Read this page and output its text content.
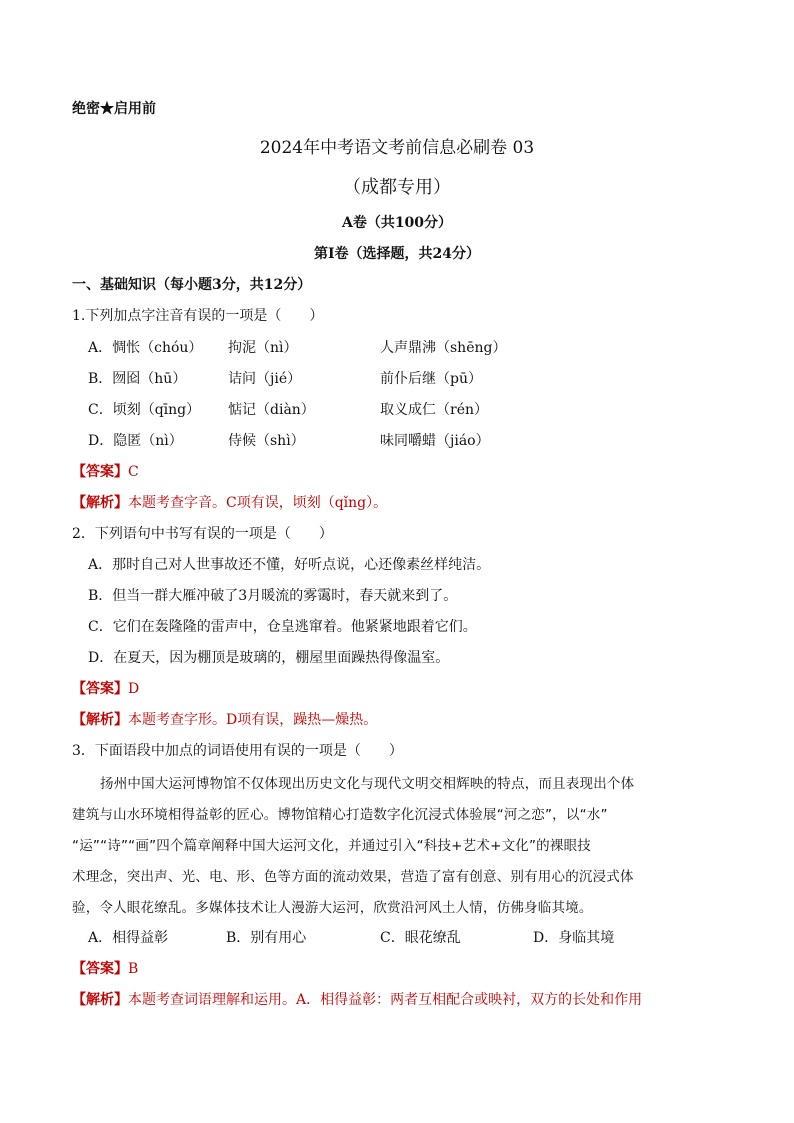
绝密★启用前
2024年中考语文考前信息必刷卷 03
（成都专用）
A卷（共100分）
第Ⅰ卷（选择题，共24分）
一、基础知识（每小题3分，共12分）
1.下列加点字注音有误的一项是（　　）
A．惆怅（chóu） 拘泥（nì）	人声鼎沸（shēng）
B．囫囵（hū）	诘问（jié）	前仆后继（pū）
C．顷刻（qīng） 惦记（diàn）	取义成仁（rén）
D．隐匿（nì）	侍候（shì）	味同嚼蜡（jiáo）
【答案】C
【解析】本题考查字音。C项有误，顷刻（qǐng）。
2．下列语句中书写有误的一项是（　　）
A．那时自己对人世事故还不懂，好听点说，心还像素丝样纯洁。
B．但当一群大雁冲破了3月暖流的雾霭时，春天就来到了。
C．它们在轰隆隆的雷声中，仓皇逃窜着。他紧紧地跟着它们。
D．在夏天，因为棚顶是玻璃的，棚屋里面躁热得像温室。
【答案】D
【解析】本题考查字形。D项有误，躁热—燥热。
3．下面语段中加点的词语使用有误的一项是（　　）
扬州中国大运河博物馆不仅体现出历史文化与现代文明交相辉映的特点，而且表现出个体
建筑与山水环境相得益彰的匠心。博物馆精心打造数字化沉浸式体验展“河之恋”，以“水”
“运”“诗”“画”四个篇章阐释中国大运河文化，并通过引入“科技+艺术+文化”的裸眼技
术理念，突出声、光、电、形、色等方面的流动效果，营造了富有创意、别有用心的沉浸式体
验，令人眼花缭乱。多媒体技术让人漫游大运河，欣赏沿河风土人情，仿佛身临其境。
A．相得益彰	B．别有用心	C．眼花缭乱	D．身临其境
【答案】B
【解析】本题考查词语理解和运用。A．相得益彰：两者互相配合或映衬，双方的长处和作用
